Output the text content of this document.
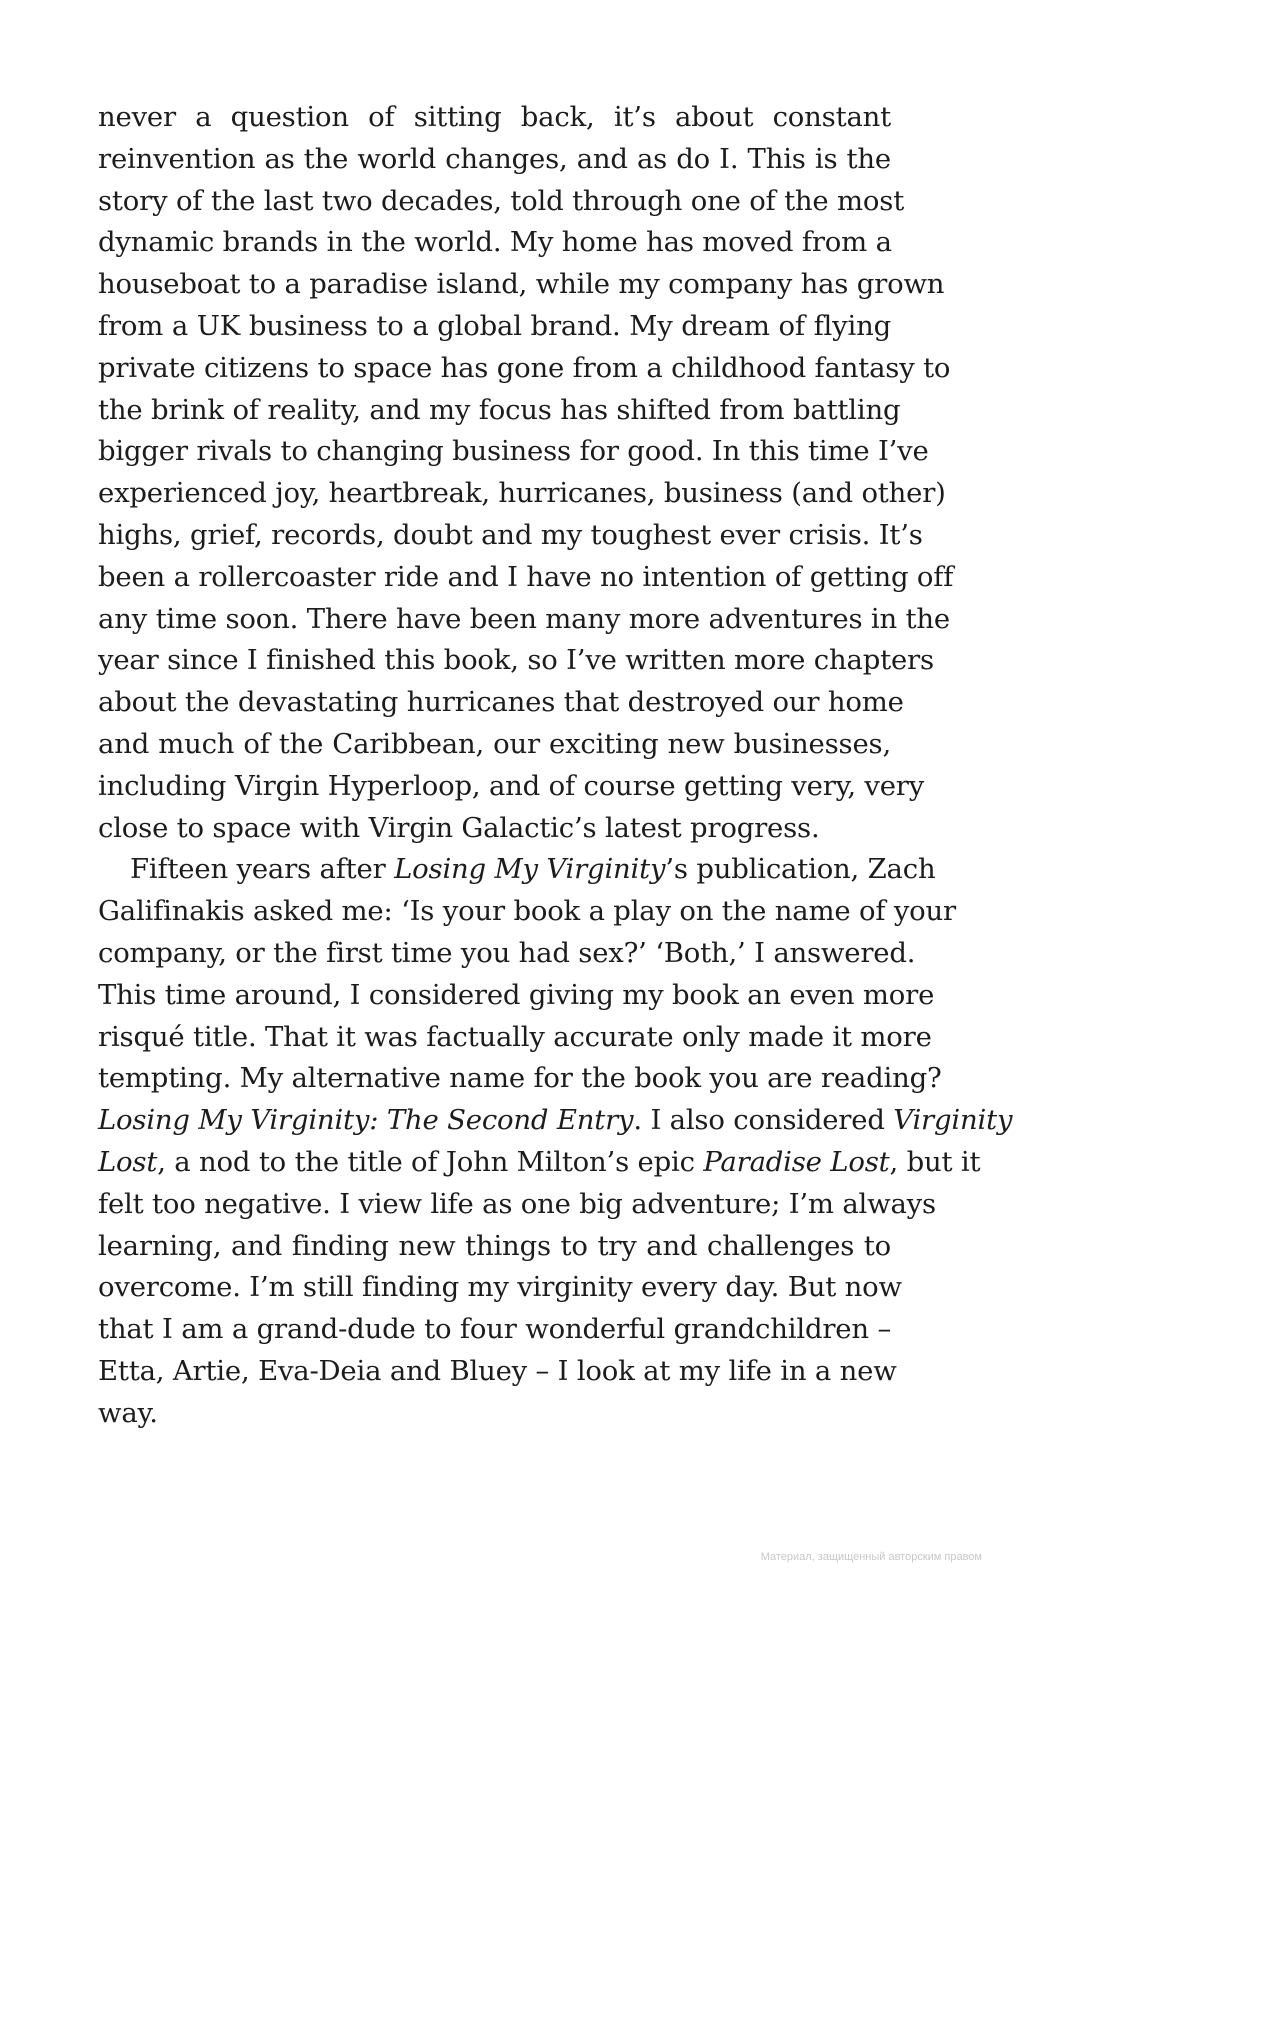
never a question of sitting back, it’s about constant
reinvention as the world changes, and as do I. This is the
story of the last two decades, told through one of the most
dynamic brands in the world. My home has moved from a
houseboat to a paradise island, while my company has grown
from a UK business to a global brand. My dream of flying
private citizens to space has gone from a childhood fantasy to
the brink of reality, and my focus has shifted from battling
bigger rivals to changing business for good. In this time I’ve
experienced joy, heartbreak, hurricanes, business (and other)
highs, grief, records, doubt and my toughest ever crisis. It’s
been a rollercoaster ride and I have no intention of getting off
any time soon. There have been many more adventures in the
year since I finished this book, so I’ve written more chapters
about the devastating hurricanes that destroyed our home
and much of the Caribbean, our exciting new businesses,
including Virgin Hyperloop, and of course getting very, very
close to space with Virgin Galactic’s latest progress.
Fifteen years after Losing My Virginity’s publication, Zach
Galifinakis asked me: ‘Is your book a play on the name of your
company, or the first time you had sex?’ ‘Both,’ I answered.
This time around, I considered giving my book an even more
risqué title. That it was factually accurate only made it more
tempting. My alternative name for the book you are reading?
Losing My Virginity: The Second Entry. I also considered Virginity
Lost, a nod to the title of John Milton’s epic Paradise Lost, but it
felt too negative. I view life as one big adventure; I’m always
learning, and finding new things to try and challenges to
overcome. I’m still finding my virginity every day. But now
that I am a grand-dude to four wonderful grandchildren –
Etta, Artie, Eva-Deia and Bluey – I look at my life in a new
way.
Материал, защищенный авторским правом
